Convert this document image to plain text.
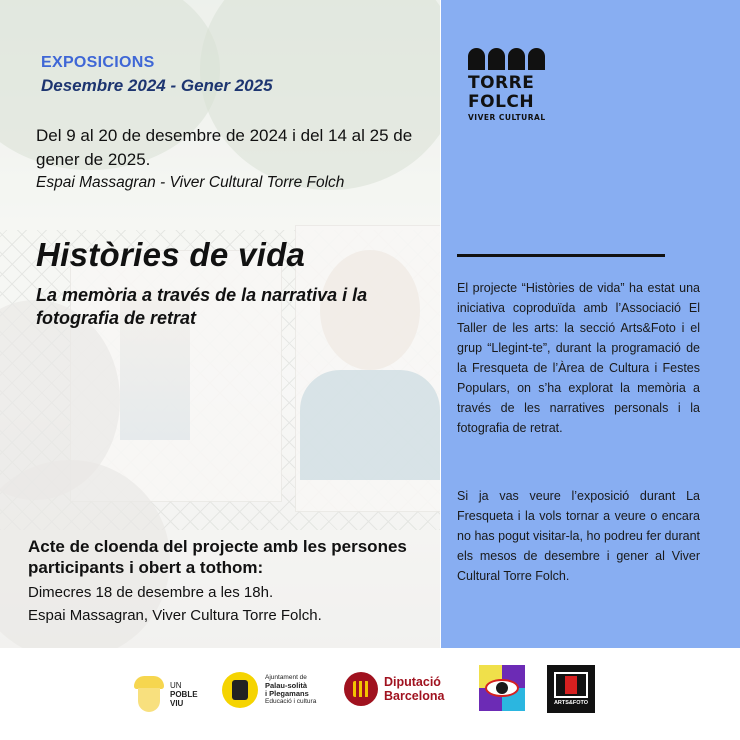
EXPOSICIONS

Desembre 2024 - Gener 2025

Del 9 al 20 de desembre de 2024 i del 14 al 25 de gener de 2025.

Espai Massagran - Viver Cultural Torre Folch

Històries de vida

La memòria a través de la narrativa i la fotografia de retrat

Acte de cloenda del projecte amb les persones participants i obert a tothom:

Dimecres 18 de desembre a les 18h.

Espai Massagran, Viver Cultura Torre Folch.

TORRE
FOLCH
VIVER CULTURAL

El projecte “Històries de vida” ha estat una iniciativa coproduïda amb l’Associació El Taller de les arts: la secció Arts&Foto i el grup “Llegint-te”, durant la programació de la Fresqueta de l’Àrea de Cultura i Festes Populars, on s’ha explorat la memòria a través de les narratives personals i la fotografia de retrat.

Si ja vas veure l’exposició durant La Fresqueta i la vols tornar a veure o encara no has pogut visitar-la, ho podreu fer durant els mesos de desembre i gener al Viver Cultural Torre Folch.

UN
POBLE
VIU
Ajuntament de
Palau-solità
i Plegamans
Educació i cultura
Diputació
Barcelona	ARTS&FOTO
